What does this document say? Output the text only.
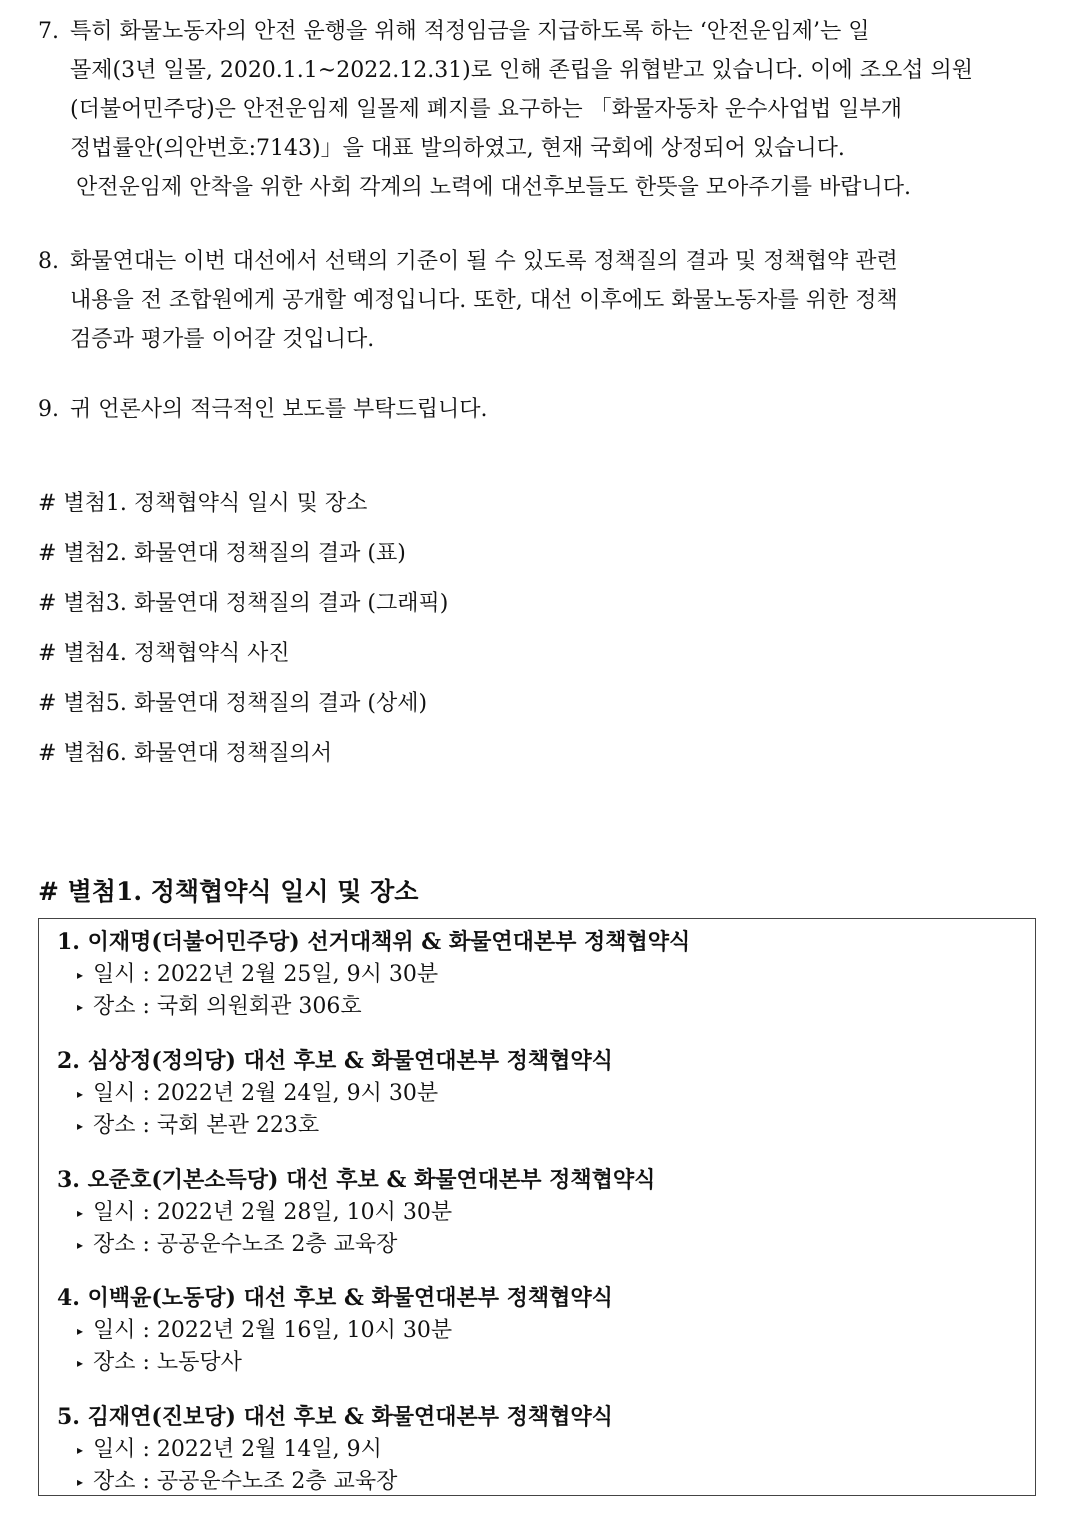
7. 특히 화물노동자의 안전 운행을 위해 적정임금을 지급하도록 하는 ‘안전운임제’는 일
몰제(3년 일몰, 2020.1.1~2022.12.31)로 인해 존립을 위협받고 있습니다. 이에 조오섭 의원
(더불어민주당)은 안전운임제 일몰제 폐지를 요구하는 「화물자동차 운수사업법 일부개
정법률안(의안번호:7143)」을 대표 발의하였고, 현재 국회에 상정되어 있습니다.
안전운임제 안착을 위한 사회 각계의 노력에 대선후보들도 한뜻을 모아주기를 바랍니다.
8. 화물연대는 이번 대선에서 선택의 기준이 될 수 있도록 정책질의 결과 및 정책협약 관련
내용을 전 조합원에게 공개할 예정입니다. 또한, 대선 이후에도 화물노동자를 위한 정책
검증과 평가를 이어갈 것입니다.
9. 귀 언론사의 적극적인 보도를 부탁드립니다.
# 별첨1. 정책협약식 일시 및 장소
# 별첨2. 화물연대 정책질의 결과 (표)
# 별첨3. 화물연대 정책질의 결과 (그래픽)
# 별첨4. 정책협약식 사진
# 별첨5. 화물연대 정책질의 결과 (상세)
# 별첨6. 화물연대 정책질의서
# 별첨1. 정책협약식 일시 및 장소
1. 이재명(더불어민주당) 선거대책위 & 화물연대본부 정책협약식
▸ 일시 : 2022년 2월 25일, 9시 30분
▸ 장소 : 국회 의원회관 306호
2. 심상정(정의당) 대선 후보 & 화물연대본부 정책협약식
▸ 일시 : 2022년 2월 24일, 9시 30분
▸ 장소 : 국회 본관 223호
3. 오준호(기본소득당) 대선 후보 & 화물연대본부 정책협약식
▸ 일시 : 2022년 2월 28일, 10시 30분
▸ 장소 : 공공운수노조 2층 교육장
4. 이백윤(노동당) 대선 후보 & 화물연대본부 정책협약식
▸ 일시 : 2022년 2월 16일, 10시 30분
▸ 장소 : 노동당사
5. 김재연(진보당) 대선 후보 & 화물연대본부 정책협약식
▸ 일시 : 2022년 2월 14일, 9시
▸ 장소 : 공공운수노조 2층 교육장
